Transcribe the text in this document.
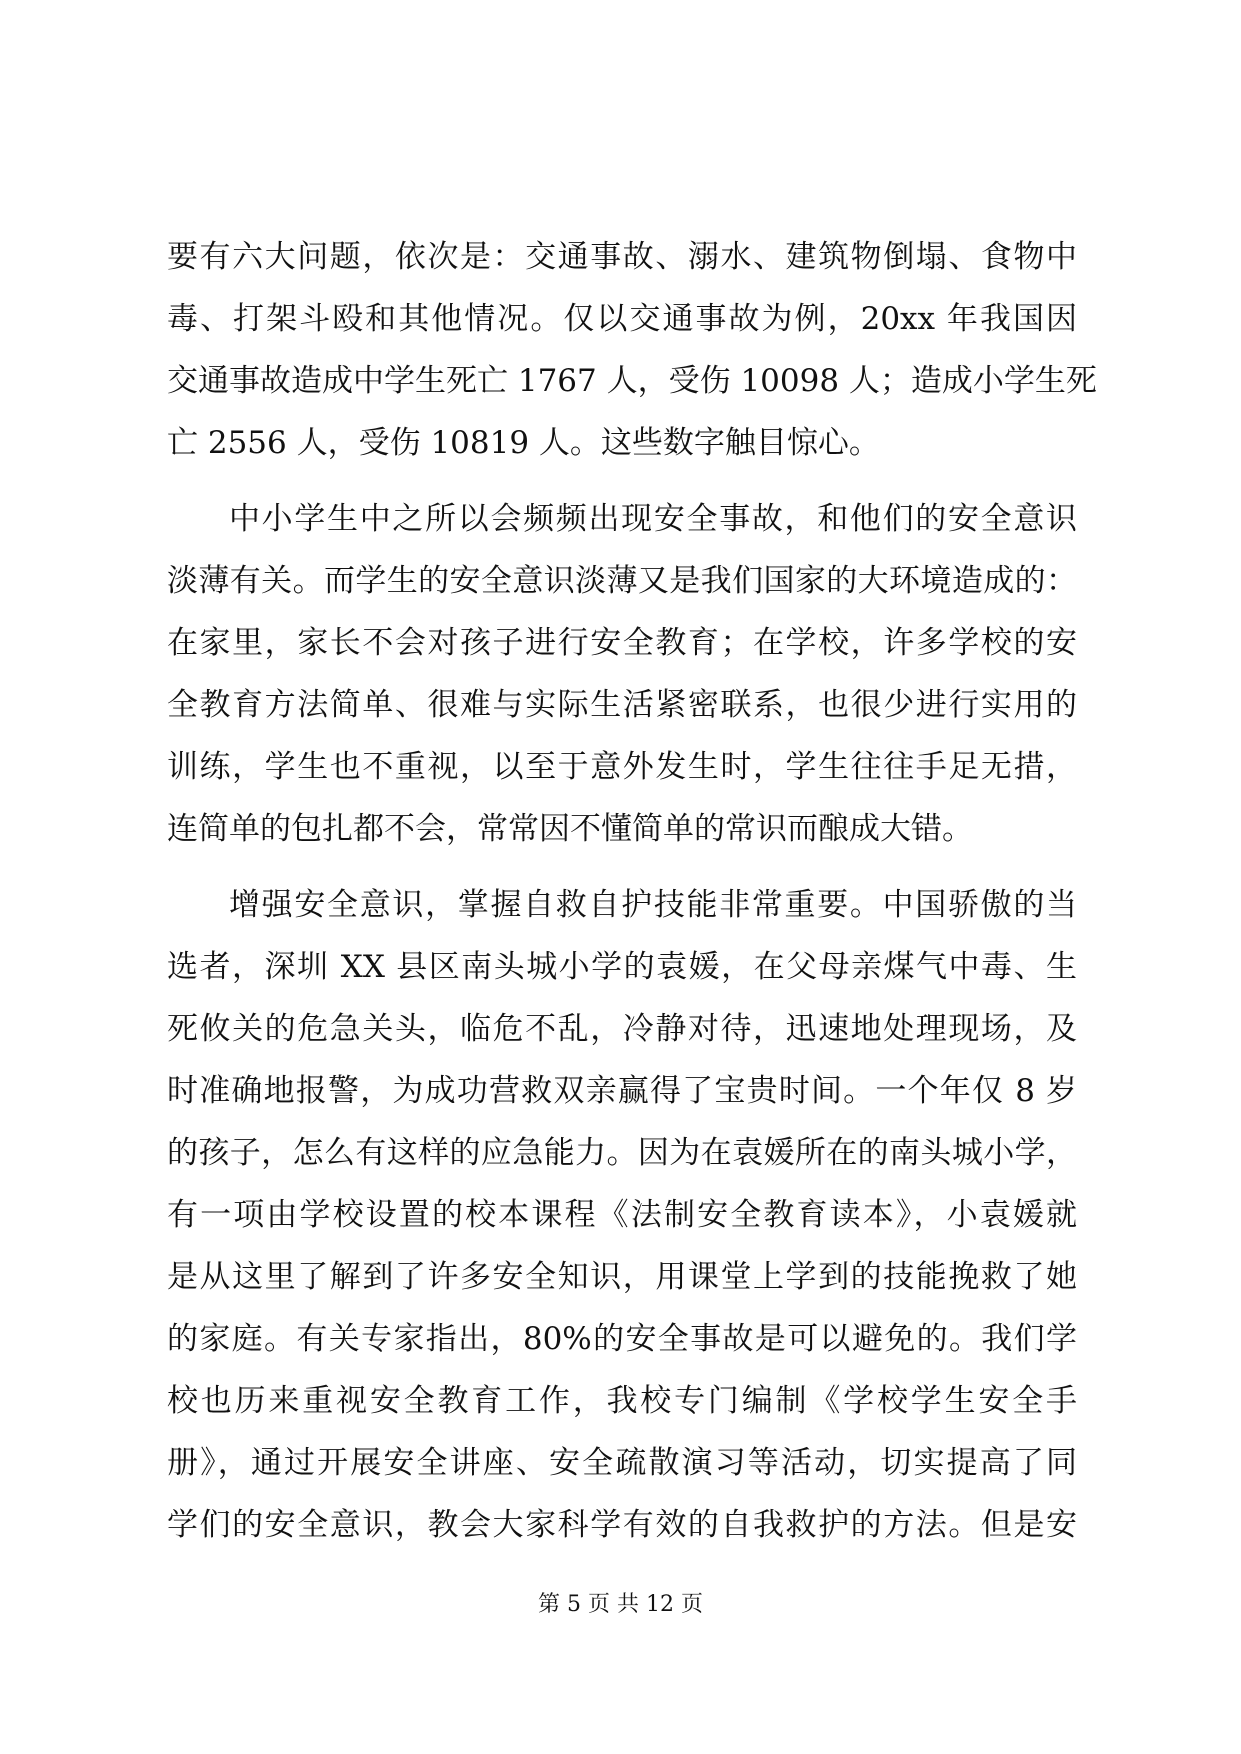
要有六大问题，依次是：交通事故、溺水、建筑物倒塌、食物中
毒、打架斗殴和其他情况。仅以交通事故为例，20xx 年我国因
交通事故造成中学生死亡 1767 人，受伤 10098 人；造成小学生死
亡 2556 人，受伤 10819 人。这些数字触目惊心。
中小学生中之所以会频频出现安全事故，和他们的安全意识
淡薄有关。而学生的安全意识淡薄又是我们国家的大环境造成的：
在家里，家长不会对孩子进行安全教育；在学校，许多学校的安
全教育方法简单、很难与实际生活紧密联系，也很少进行实用的
训练，学生也不重视，以至于意外发生时，学生往往手足无措，
连简单的包扎都不会，常常因不懂简单的常识而酿成大错。
增强安全意识，掌握自救自护技能非常重要。中国骄傲的当
选者，深圳 XX 县区南头城小学的袁媛，在父母亲煤气中毒、生
死攸关的危急关头，临危不乱，冷静对待，迅速地处理现场，及
时准确地报警，为成功营救双亲赢得了宝贵时间。一个年仅 8 岁
的孩子，怎么有这样的应急能力。因为在袁媛所在的南头城小学，
有一项由学校设置的校本课程《法制安全教育读本》，小袁媛就
是从这里了解到了许多安全知识，用课堂上学到的技能挽救了她
的家庭。有关专家指出，80%的安全事故是可以避免的。我们学
校也历来重视安全教育工作，我校专门编制《学校学生安全手
册》，通过开展安全讲座、安全疏散演习等活动，切实提高了同
学们的安全意识，教会大家科学有效的自我救护的方法。但是安
第 5 页 共 12 页
